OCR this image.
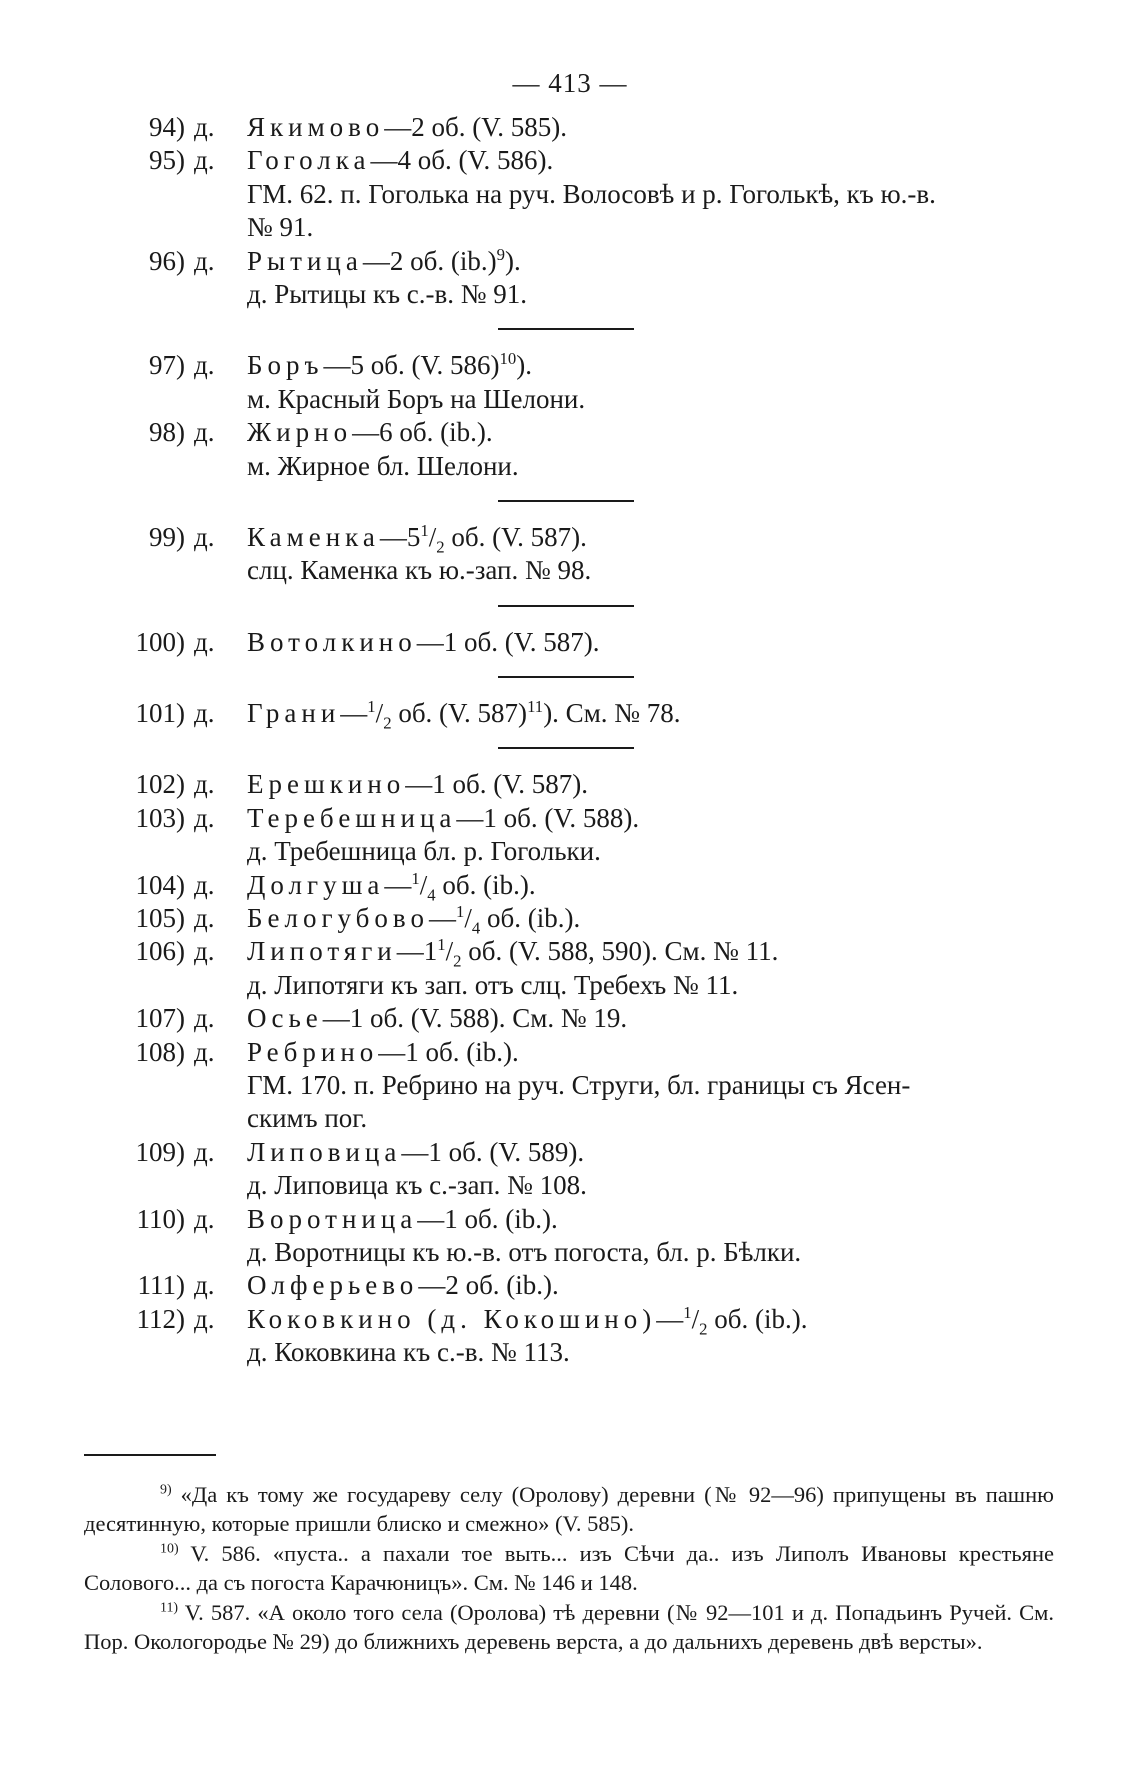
— 413 —
94) д. Якимово—2 об. (V. 585).
95) д. Гоголка—4 об. (V. 586).
ГМ. 62. п. Гоголька на руч. Волосовѣ и р. Гоголькѣ, къ ю.-в.
№ 91.
96) д. Рытица—2 об. $(ib.)^9$).
д. Рытицы къ с.-в. № 91.
97) д. Боръ—5 об. (V. 586)$^{10}$).
м. Красный Боръ на Шелони.
98) д. Жирно—6 об. (ib.).
м. Жирное бл. Шелони.
99) д. $Каменка—5^1/_2$ об. (V. 587).
слц. Каменка къ ю.-зап. № 98.
100) д. Вотолкино—1 об. (V. 587).
101) д. $Грани—^1/_2$ об. (V. 587)$^{11}$). См. № 78.
102) д. Ерешкино—1 об. (V. 587).
103) д. Теребешница—1 об. (V. 588).
д. Требешница бл. р. Гогольки.
104) д. $Долгуша—^1/_4$ об. (ib.).
105) д. $Белогубово—^1/_4$ об. (ib.).
106) д. $Липотяги—1^1/_2$ об. (V. 588, 590). См. № 11.
д. Липотяги къ зап. отъ слц. Требехъ № 11.
107) д. Осье—1 об. (V. 588). См. № 19.
108) д. Ребрино—1 об. (ib.).
ГМ. 170. п. Ребрино на руч. Струги, бл. границы съ Ясен-
скимъ пог.
109) д. Липовица—1 об. (V. 589).
д. Липовица къ с.-зап. № 108.
110) д. Воротница—1 об. (ib.).
д. Воротницы къ ю.-в. отъ погоста, бл. р. Бѣлки.
111) д. Олферьево—2 об. (ib.).
112) д. Коковкино (д. $Кокошино)—^1/_2$ об. (ib.).
д. Коковкина къ с.-в. № 113.

$^{9)}$ «Да къ тому же государеву селу (Оролову) деревни (№ 92—96) припущены въ пашню десятинную, которые пришли блиско и смежно» (V. 585).

$^{10)}$ V. 586. «пуста.. а пахали тое выть... изъ Сѣчи да.. изъ Липолъ Ивановы крестьяне Солового... да съ погоста Карачюницъ». См. № 146 и 148.

$^{11)}$ V. 587. «А около того села (Оролова) тѣ деревни (№ 92—101 и д. Попадьинъ Ручей. См. Пор. Окологородье № 29) до ближнихъ деревень верста, а до дальнихъ деревень двѣ версты».
